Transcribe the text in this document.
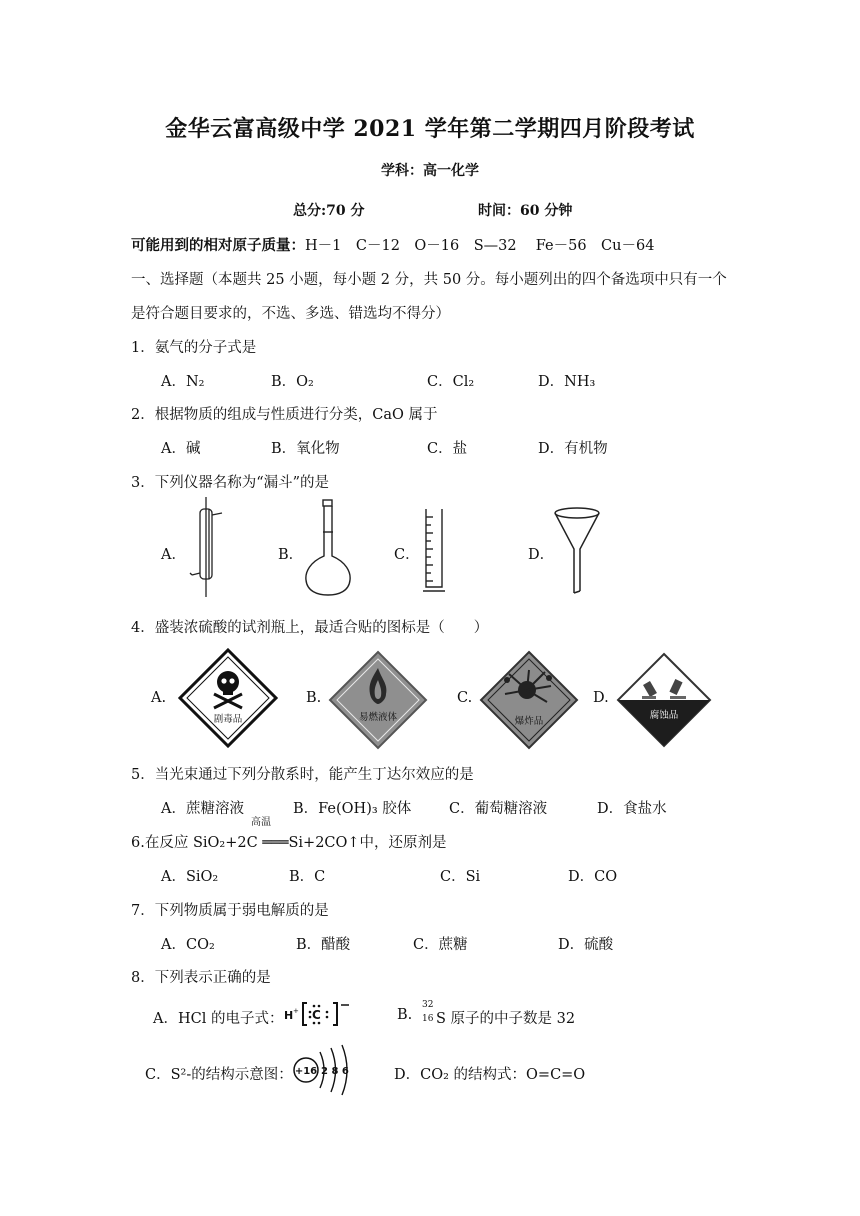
金华云富高级中学 2021 学年第二学期四月阶段考试
学科：高一化学
总分:70 分	时间：60 分钟
可能用到的相对原子质量：H－1　C－12　O－16　S—32　 Fe－56　Cu－64
一、选择题（本题共 25 小题，每小题 2 分，共 50 分。每小题列出的四个备选项中只有一个
是符合题目要求的，不选、多选、错选均不得分）
1．氨气的分子式是
A．N₂	B．O₂	C．Cl₂	D．NH₃
2．根据物质的组成与性质进行分类，CaO 属于
A．碱	B．氧化物	C．盐	D．有机物
3．下列仪器名称为“漏斗”的是
A．	B．	C．	D．
4．盛装浓硫酸的试剂瓶上，最适合贴的图标是（　　）
A.	B.	C.	D.
剧毒品	易燃液体	爆炸品
腐蚀品
5．当光束通过下列分散系时，能产生丁达尔效应的是
A．蔗糖溶液	B．Fe(OH)₃ 胶体	C．葡萄糖溶液	D．食盐水
高温
6.在反应 SiO₂+2C ═══Si+2CO↑中，还原剂是
A．SiO₂	B．C	C．Si	D．CO
7．下列物质属于弱电解质的是
A．CO₂	B．醋酸	C．蔗糖	D．硫酸
8．下列表示正确的是
A．HCl 的电子式： H + C	B.
32
16 S 原子的中子数是 32
C．S²-的结构示意图： +16 2 8 6	D．CO₂ 的结构式：O=C=O
